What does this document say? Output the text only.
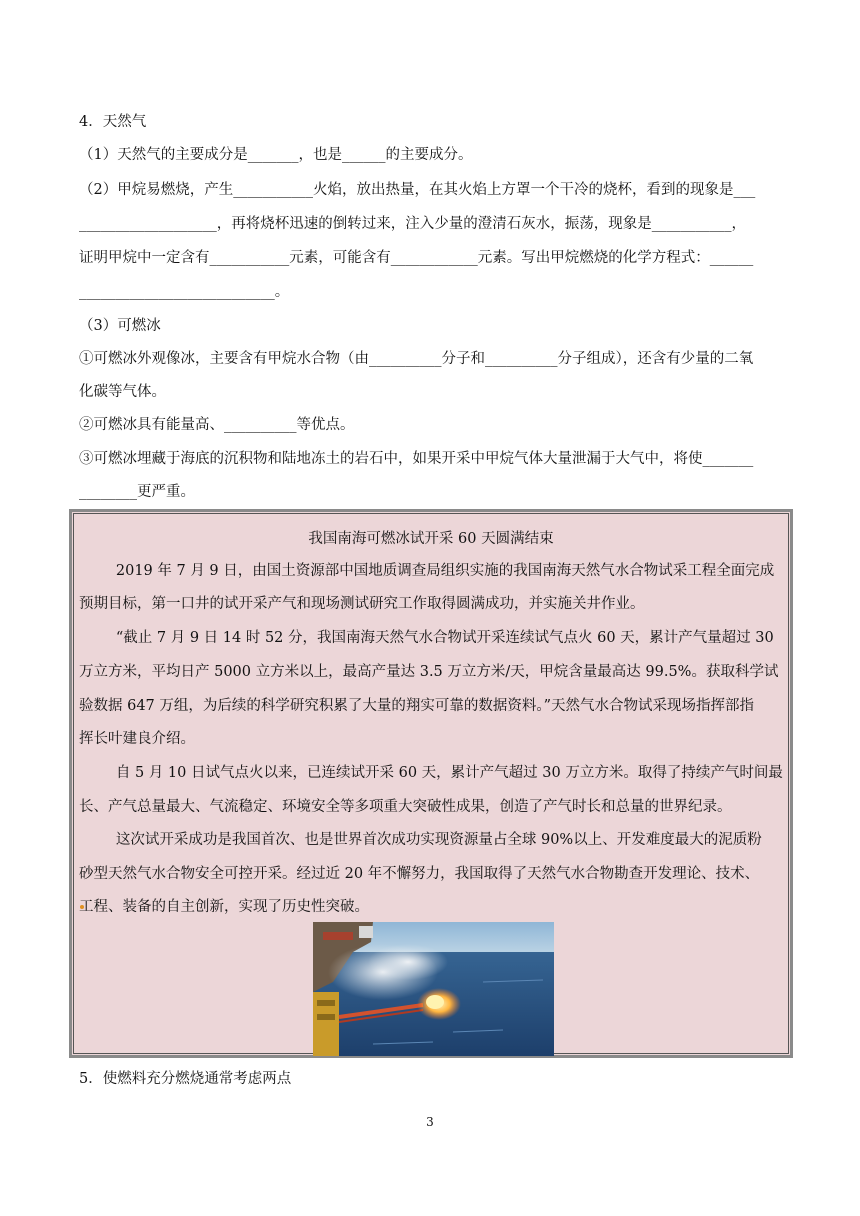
4．天然气
（1）天然气的主要成分是_______，也是______的主要成分。
（2）甲烷易燃烧，产生___________火焰，放出热量，在其火焰上方罩一个干冷的烧杯，看到的现象是___
___________________，再将烧杯迅速的倒转过来，注入少量的澄清石灰水，振荡，现象是___________，
证明甲烷中一定含有___________元素，可能含有____________元素。写出甲烷燃烧的化学方程式：______
___________________________。
（3）可燃冰
①可燃冰外观像冰，主要含有甲烷水合物（由__________分子和__________分子组成），还含有少量的二氧
化碳等气体。
②可燃冰具有能量高、__________等优点。
③可燃冰埋藏于海底的沉积物和陆地冻土的岩石中，如果开采中甲烷气体大量泄漏于大气中，将使_______
________更严重。
我国南海可燃冰试开采 60 天圆满结束
2019 年 7 月 9 日，由国土资源部中国地质调查局组织实施的我国南海天然气水合物试采工程全面完成
预期目标，第一口井的试开采产气和现场测试研究工作取得圆满成功，并实施关井作业。
“截止 7 月 9 日 14 时 52 分，我国南海天然气水合物试开采连续试气点火 60 天，累计产气量超过 30
万立方米，平均日产 5000 立方米以上，最高产量达 3.5 万立方米/天，甲烷含量最高达 99.5%。获取科学试
验数据 647 万组，为后续的科学研究积累了大量的翔实可靠的数据资料。”天然气水合物试采现场指挥部指
挥长叶建良介绍。
自 5 月 10 日试气点火以来，已连续试开采 60 天，累计产气超过 30 万立方米。取得了持续产气时间最
长、产气总量最大、气流稳定、环境安全等多项重大突破性成果，创造了产气时长和总量的世界纪录。
这次试开采成功是我国首次、也是世界首次成功实现资源量占全球 90%以上、开发难度最大的泥质粉
砂型天然气水合物安全可控开采。经过近 20 年不懈努力，我国取得了天然气水合物勘查开发理论、技术、
工程、装备的自主创新，实现了历史性突破。
5．使燃料充分燃烧通常考虑两点
3
